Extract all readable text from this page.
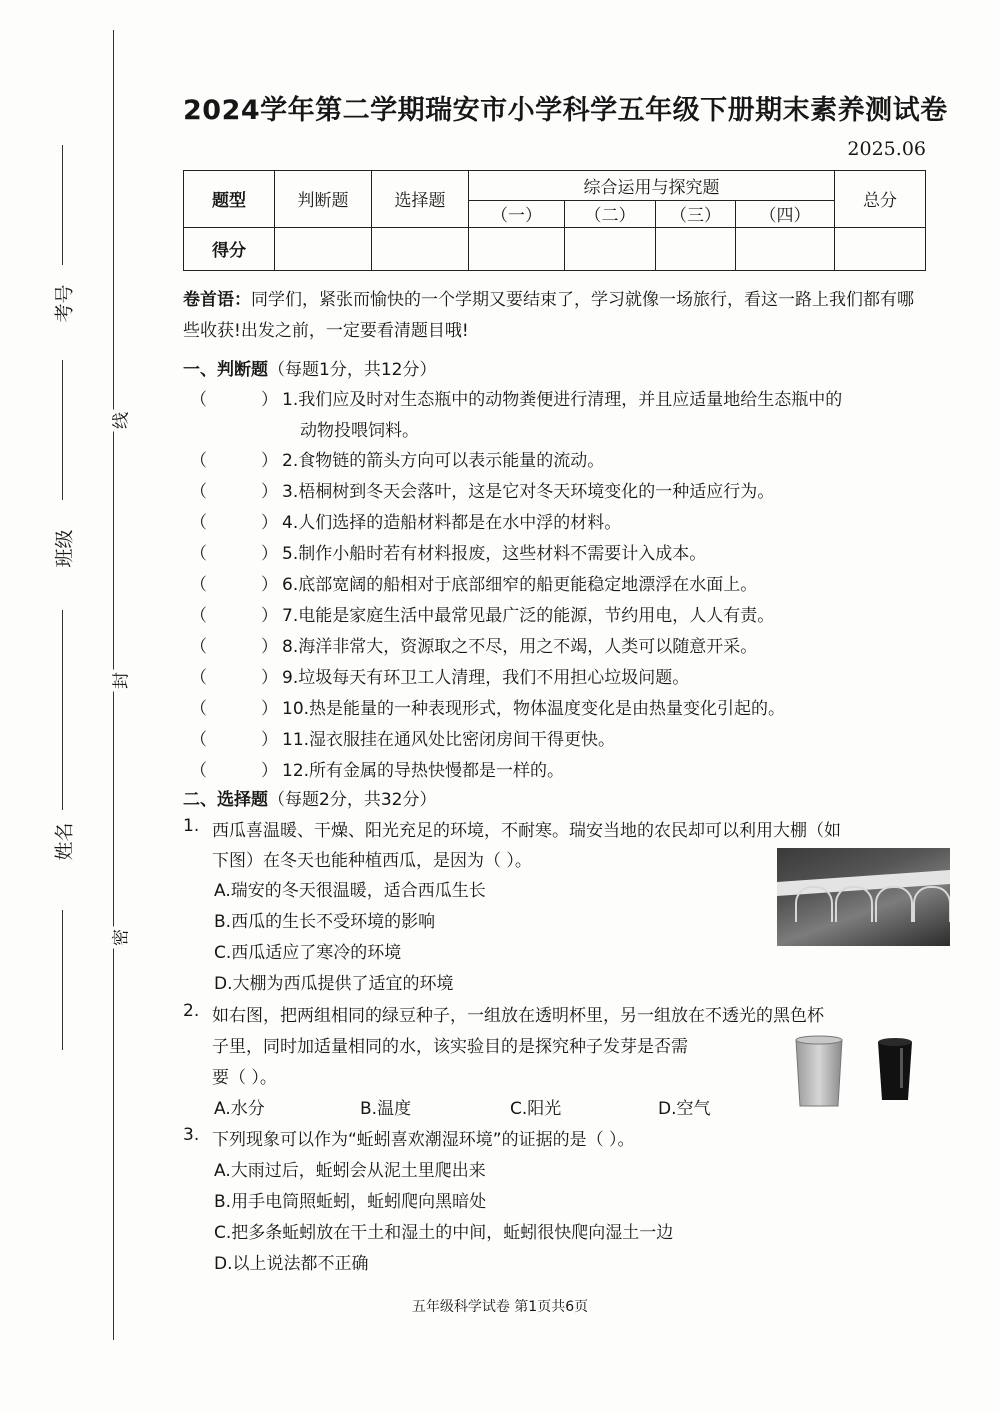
考号
班级
姓名
线
封
密
2024学年第二学期瑞安市小学科学五年级下册期末素养测试卷
2025.06
题型	判断题	选择题	综合运用与探究题				总分
			（一）	（二）	（三）	（四）	
得分							
卷首语：同学们，紧张而愉快的一个学期又要结束了，学习就像一场旅行，看这一路上我们都有哪些收获!出发之前，一定要看清题目哦!
一、判断题（每题1分，共12分）
（	） 1.我们应及时对生态瓶中的动物粪便进行清理，并且应适量地给生态瓶中的
动物投喂饲料。
（	） 2.食物链的箭头方向可以表示能量的流动。
（	） 3.梧桐树到冬天会落叶，这是它对冬天环境变化的一种适应行为。
（	） 4.人们选择的造船材料都是在水中浮的材料。
（	） 5.制作小船时若有材料报废，这些材料不需要计入成本。
（	） 6.底部宽阔的船相对于底部细窄的船更能稳定地漂浮在水面上。
（	） 7.电能是家庭生活中最常见最广泛的能源，节约用电，人人有责。
（	） 8.海洋非常大，资源取之不尽，用之不竭，人类可以随意开采。
（	） 9.垃圾每天有环卫工人清理，我们不用担心垃圾问题。
（	） 10.热是能量的一种表现形式，物体温度变化是由热量变化引起的。
（	） 11.湿衣服挂在通风处比密闭房间干得更快。
（	） 12.所有金属的导热快慢都是一样的。
二、选择题（每题2分，共32分）
1. 西瓜喜温暖、干燥、阳光充足的环境，不耐寒。瑞安当地的农民却可以利用大棚（如
下图）在冬天也能种植西瓜，是因为（ ）。
A.瑞安的冬天很温暖，适合西瓜生长
B.西瓜的生长不受环境的影响
C.西瓜适应了寒冷的环境
D.大棚为西瓜提供了适宜的环境
2. 如右图，把两组相同的绿豆种子，一组放在透明杯里，另一组放在不透光的黑色杯
子里，同时加适量相同的水，该实验目的是探究种子发芽是否需
要（ ）。
A.水分	B.温度	C.阳光	D.空气
3. 下列现象可以作为“蚯蚓喜欢潮湿环境”的证据的是（ ）。
A.大雨过后，蚯蚓会从泥土里爬出来
B.用手电筒照蚯蚓，蚯蚓爬向黑暗处
C.把多条蚯蚓放在干土和湿土的中间，蚯蚓很快爬向湿土一边
D.以上说法都不正确
五年级科学试卷 第1页共6页
